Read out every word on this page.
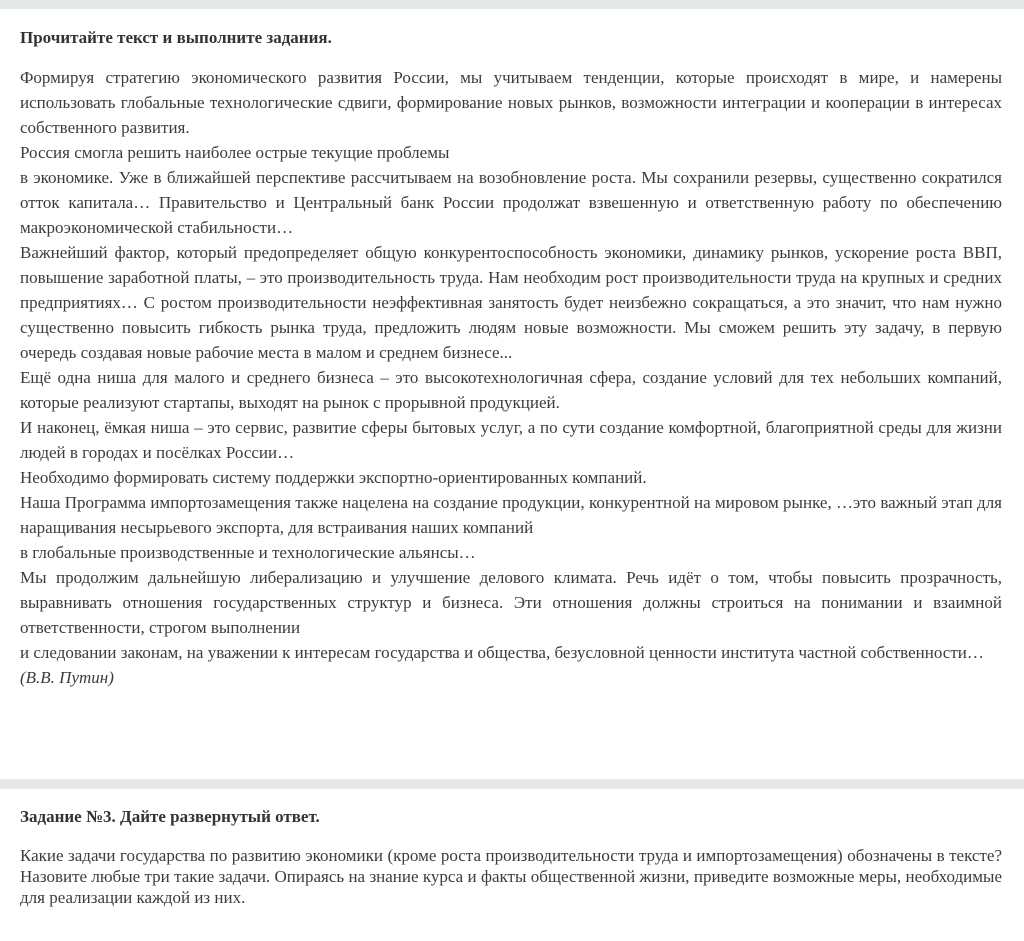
Прочитайте текст и выполните задания.

Формируя стратегию экономического развития России, мы учитываем тенденции, которые происходят в мире, и намерены использовать глобальные технологические сдвиги, формирование новых рынков, возможности интеграции и кооперации в интересах собственного развития.

Россия смогла решить наиболее острые текущие проблемы

в экономике. Уже в ближайшей перспективе рассчитываем на возобновление роста. Мы сохранили резервы, существенно сократился отток капитала… Правительство и Центральный банк России продолжат взвешенную и ответственную работу по обеспечению макроэкономической стабильности…

Важнейший фактор, который предопределяет общую конкурентоспособность экономики, динамику рынков, ускорение роста ВВП, повышение заработной платы, – это производительность труда. Нам необходим рост производительности труда на крупных и средних предприятиях… С ростом производительности неэффективная занятость будет неизбежно сокращаться, а это значит, что нам нужно существенно повысить гибкость рынка труда, предложить людям новые возможности. Мы сможем решить эту задачу, в первую очередь создавая новые рабочие места в малом и среднем бизнесе...

Ещё одна ниша для малого и среднего бизнеса – это высокотехнологичная сфера, создание условий для тех небольших компаний, которые реализуют стартапы, выходят на рынок с прорывной продукцией.

И наконец, ёмкая ниша – это сервис, развитие сферы бытовых услуг, а по сути создание комфортной, благоприятной среды для жизни людей в городах и посёлках России…

Необходимо формировать систему поддержки экспортно-ориентированных компаний.

Наша Программа импортозамещения также нацелена на создание продукции, конкурентной на мировом рынке, …это важный этап для наращивания несырьевого экспорта, для встраивания наших компаний

в глобальные производственные и технологические альянсы…

Мы продолжим дальнейшую либерализацию и улучшение делового климата. Речь идёт о том, чтобы повысить прозрачность, выравнивать отношения государственных структур и бизнеса. Эти отношения должны строиться на понимании и взаимной ответственности, строгом выполнении

и следовании законам, на уважении к интересам государства и общества, безусловной ценности института частной собственности…

(В.В. Путин)

Задание №3. Дайте развернутый ответ.

Какие задачи государства по развитию экономики (кроме роста производительности труда и импортозамещения) обозначены в тексте? Назовите любые три такие задачи. Опираясь на знание курса и факты общественной жизни, приведите возможные меры, необходимые для реализации каждой из них.
